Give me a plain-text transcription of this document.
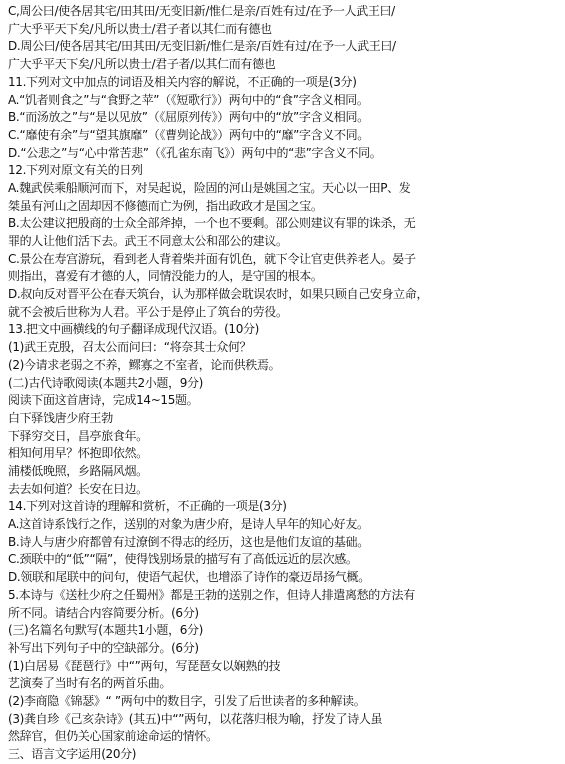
C,周公曰/使各居其宅/田其田/无变旧新/惟仁是亲/百姓有过/在予一人武王曰/
广大乎平天下矣/凡所以贵士/君子者以其仁而有德也
D.周公曰/使各居其宅/田其田/无变旧新/惟仁是亲/百姓有过/在予一人武王曰/
广大乎平天下矣/凡所以贵士/君子者/以其仁而有德也
11.下列对文中加点的词语及相关内容的解说，不正确的一项是(3分)
A.“饥者则食之”与“食野之苹”（《短歌行》）两句中的“食”字含义相同。
B.“而汤放之”与“是以见放”（《屈原列传》）两句中的“放”字含义相同。
C.“靡使有余”与“望其旗靡”（《曹刿论战》）两句中的“靡”字含义不同。
D.“公悲之”与“心中常苦悲”（《孔雀东南飞》）两句中的“悲”字含义不同。
12.下列对原文有关的日列
A.魏武侯乘船顺河而下，对吴起说，险固的河山是姚国之宝。天心以一田P、发
桀虽有河山之固却因不修德而亡为例，指出政政才是国之宝。
B.太公建议把殷商的士众全部斧掉，一个也不要剩。邵公则建议有罪的诛杀，无
罪的人让他们活下去。武王不同意太公和邵公的建议。
C.景公在寿宫游玩，看到老人背着柴并面有饥色，就下令让官吏供养老人。晏子
则指出，喜爱有才德的人，同情没能力的人，是守国的根本。
D.叔向反对晋平公在春天筑台，认为那样做会耽误农时，如果只顾自己安身立命，
就不会被后世称为人君。平公于是停止了筑台的劳役。
13.把文中画横线的句子翻译成现代汉语。(10分)
(1)武王克殷，召太公而问曰：“将奈其士众何？
(2)今请求老弱之不养，鳏寡之不室者，论而供秩焉。
(二)古代诗歌阅读(本题共2小题，9分)
阅读下面这首唐诗，完成14~15题。
白下驿饯唐少府王勃
下驿穷交日，昌亭旅食年。
相知何用早？怀抱即依然。
浦楼低晚照，乡路隔风烟。
去去如何道？长安在日边。
14.下列对这首诗的理解和赏析，不正确的一项是(3分)
A.这首诗系饯行之作，送别的对象为唐少府，是诗人早年的知心好友。
B.诗人与唐少府都曾有过潦倒不得志的经历，这也是他们友谊的基础。
C.颈联中的“低”“隔”，使得饯别场景的描写有了高低远近的层次感。
D.领联和尾联中的问句，使语气起伏，也增添了诗作的豪迈昂扬气概。
5.本诗与《送杜少府之任蜀州》都是王勃的送别之作，但诗人排遣离愁的方法有
所不同。请结合内容简要分析。(6分)
(三)名篇名句默写(本题共1小题，6分)
补写出下列句子中的空缺部分。(6分)
(1)白居易《琵琶行》中“”两句，写琵琶女以娴熟的技
艺演奏了当时有名的两首乐曲。
(2)李商隐《锦瑟》“ ”两句中的数目字，引发了后世读者的多种解读。
(3)龚自珍《己亥杂诗》(其五)中“”两句，以花落归根为喻，抒发了诗人虽
然辞官，但仍关心国家前途命运的情怀。
三、语言文字运用(20分)
